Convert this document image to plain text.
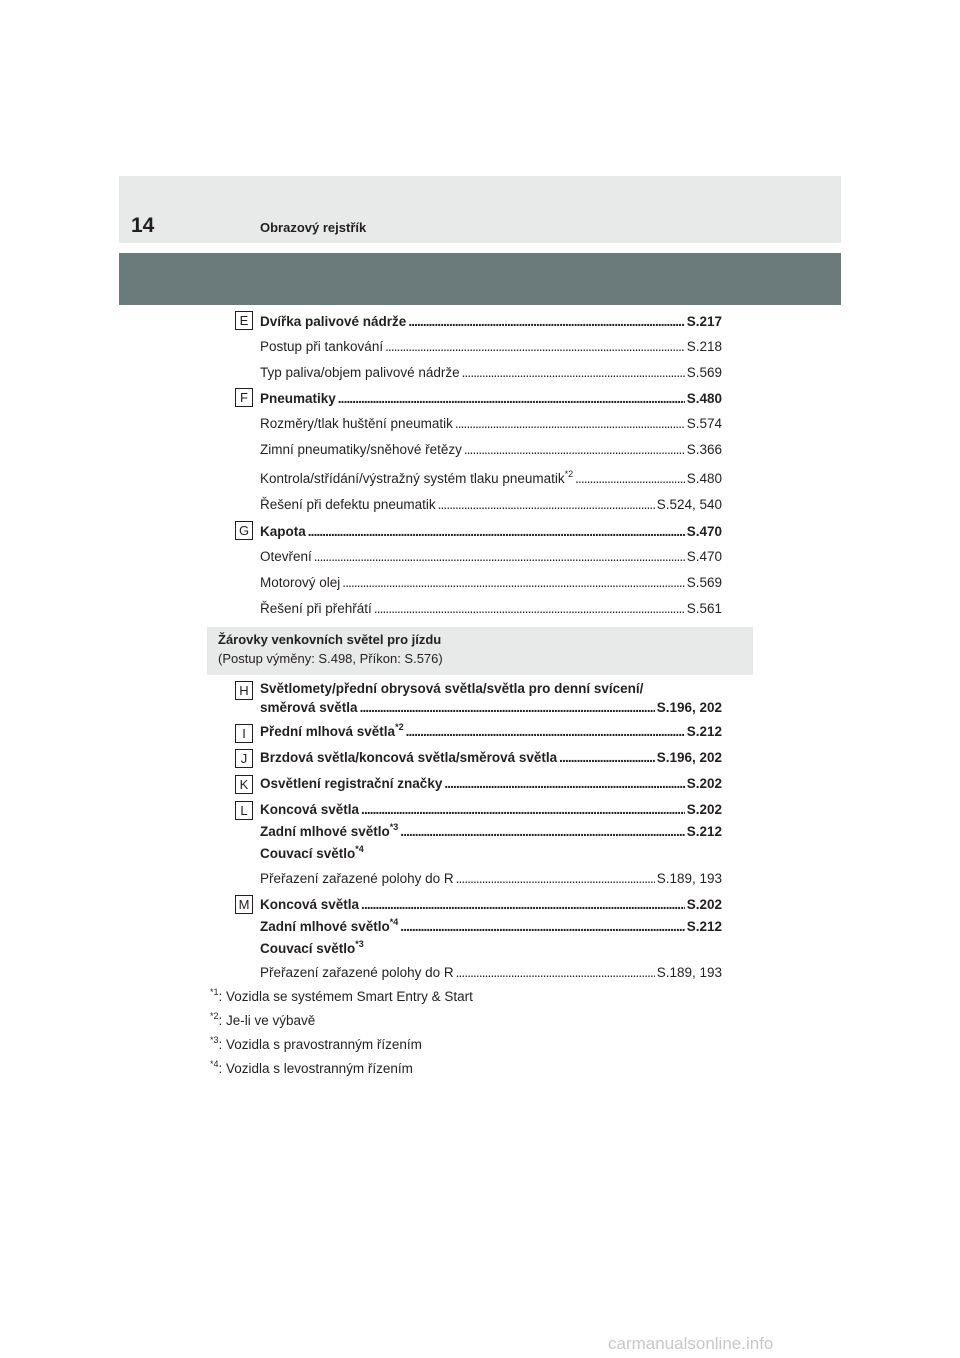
14	Obrazový rejstřík
E Dvířka palivové nádrže . . .	S.217
Postup při tankování . . .	S.218
Typ paliva/objem palivové nádrže . . .	S.569
F Pneumatiky . . .	S.480
Rozměry/tlak huštění pneumatik . . .	S.574
Zimní pneumatiky/sněhové řetězy . . .	S.366
Kontrola/střídání/výstražný systém tlaku pneumatik$^{*2}$ . . .	S.480
Řešení při defektu pneumatik . . .	S.524, 540
G Kapota . . .	S.470
Otevření . . .	S.470
Motorový olej . . .	S.569
Řešení při přehřátí . . .	S.561
Žárovky venkovních světel pro jízdu
(Postup výměny: S.498, Příkon: S.576)
H Světlomety/přední obrysová světla/světla pro denní svícení/
směrová světla . . .	S.196, 202
I	Přední mlhová světla$^{*2}$ . . .	S.212
J Brzdová světla/koncová světla/směrová světla . . .	S.196, 202
K Osvětlení registrační značky . . .	S.202
L Koncová světla . . .	S.202
Zadní mlhové světlo$^{*3}$ . . .	S.212
Couvací světlo$^{*4}$
Přeřazení zařazené polohy do R . . .	S.189, 193
M Koncová světla . . .	S.202
Zadní mlhové světlo$^{*4}$ . . .	S.212
Couvací světlo$^{*3}$
Přeřazení zařazené polohy do R . . .	S.189, 193
$^{*1}$: Vozidla se systémem Smart Entry & Start
$^{*2}$: Je-li ve výbavě
$^{*3}$: Vozidla s pravostranným řízením
$^{*4}$: Vozidla s levostranným řízením
carmanualsonline.info
